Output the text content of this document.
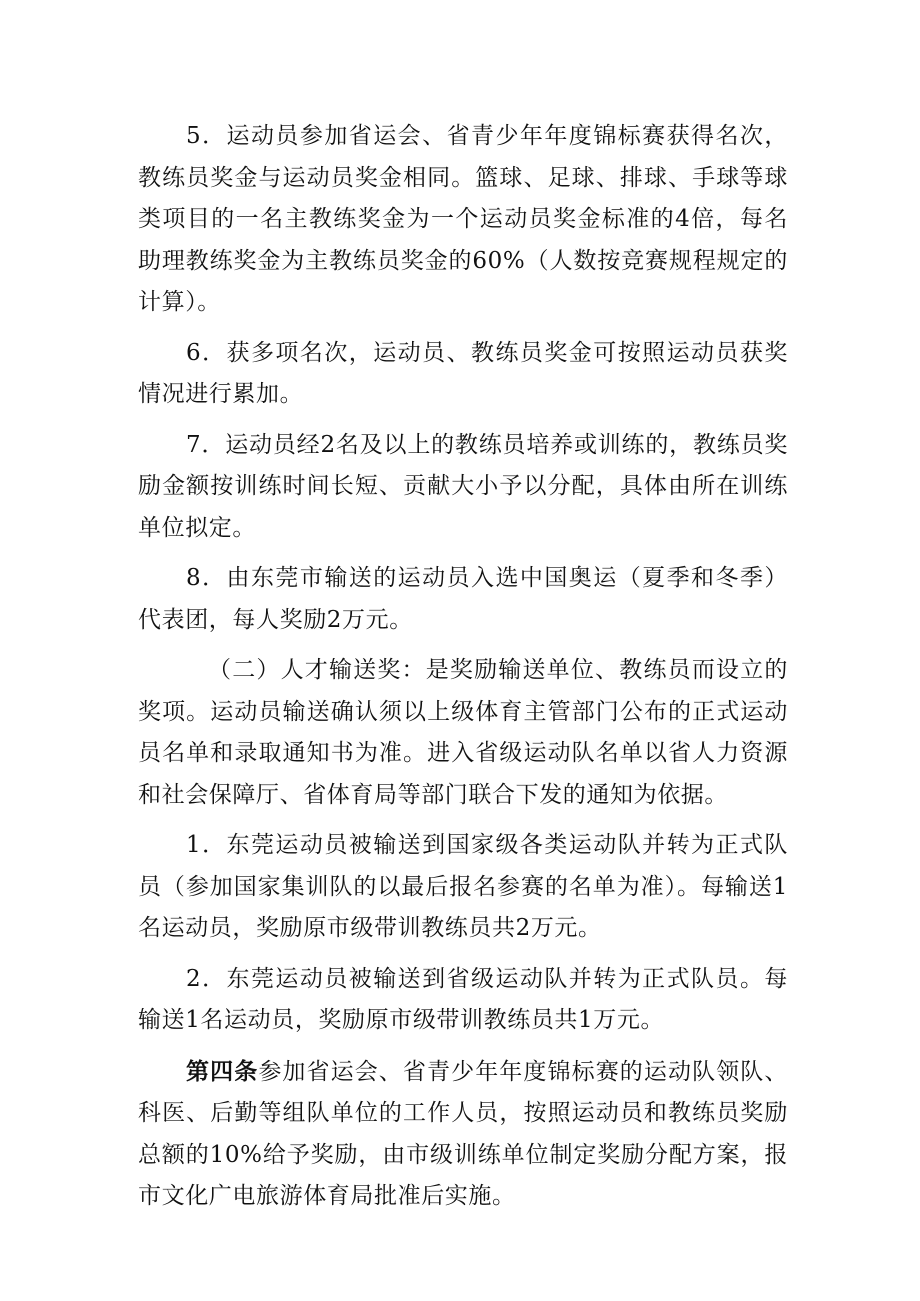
5．运动员参加省运会、省青少年年度锦标赛获得名次，教练员奖金与运动员奖金相同。篮球、足球、排球、手球等球类项目的一名主教练奖金为一个运动员奖金标准的4倍，每名助理教练奖金为主教练员奖金的60%（人数按竞赛规程规定的计算）。

6．获多项名次，运动员、教练员奖金可按照运动员获奖情况进行累加。

7．运动员经2名及以上的教练员培养或训练的，教练员奖励金额按训练时间长短、贡献大小予以分配，具体由所在训练单位拟定。

8．由东莞市输送的运动员入选中国奥运（夏季和冬季）代表团，每人奖励2万元。

（二）人才输送奖：是奖励输送单位、教练员而设立的奖项。运动员输送确认须以上级体育主管部门公布的正式运动员名单和录取通知书为准。进入省级运动队名单以省人力资源和社会保障厅、省体育局等部门联合下发的通知为依据。

1．东莞运动员被输送到国家级各类运动队并转为正式队员（参加国家集训队的以最后报名参赛的名单为准）。每输送1名运动员，奖励原市级带训教练员共2万元。

2．东莞运动员被输送到省级运动队并转为正式队员。每输送1名运动员，奖励原市级带训教练员共1万元。

第四条参加省运会、省青少年年度锦标赛的运动队领队、科医、后勤等组队单位的工作人员，按照运动员和教练员奖励总额的10%给予奖励，由市级训练单位制定奖励分配方案，报市文化广电旅游体育局批准后实施。
